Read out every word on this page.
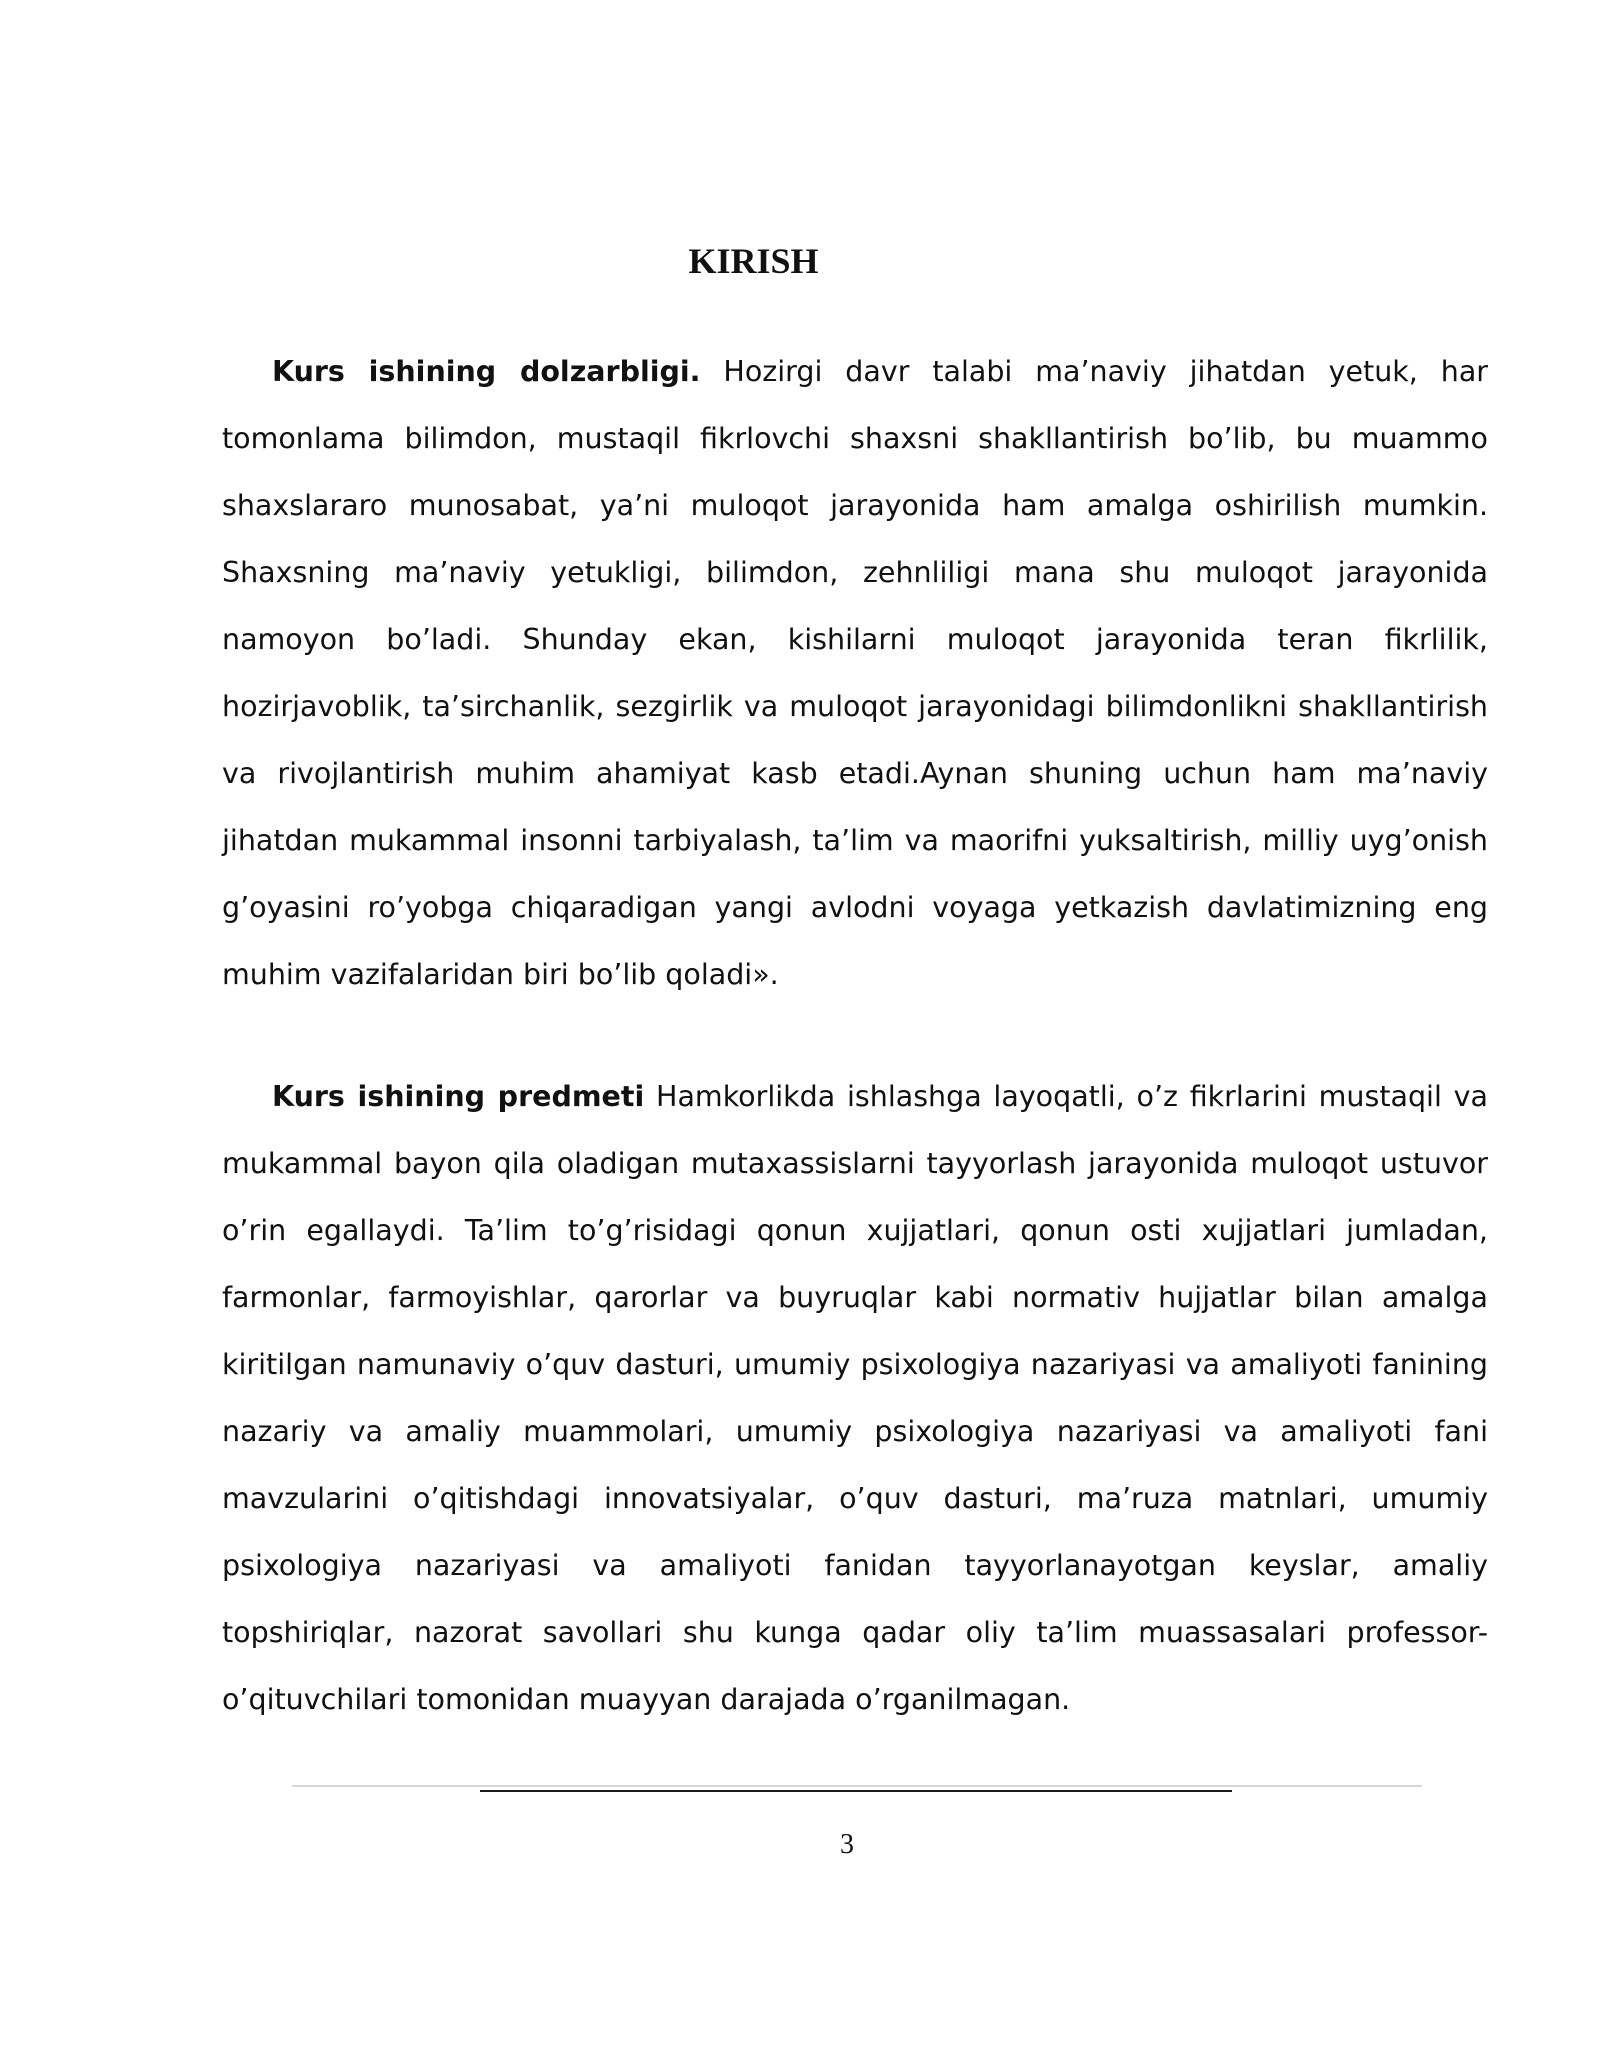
KIRISH

Kurs ishining dolzarbligi. Hozirgi davr talabi ma’naviy jihatdan yetuk, har tomonlama bilimdon, mustaqil fikrlovchi shaxsni shakllantirish bo’lib, bu muammo shaxslararo munosabat, ya’ni muloqot jarayonida ham amalga oshirilish mumkin. Shaxsning ma’naviy yetukligi, bilimdon, zehnliligi mana shu muloqot jarayonida namoyon bo’ladi. Shunday ekan, kishilarni muloqot jarayonida teran fikrlilik, hozirjavoblik, ta’sirchanlik, sezgirlik va muloqot jarayonidagi bilimdonlikni shakllantirish va rivojlantirish muhim ahamiyat kasb etadi.Aynan shuning uchun ham ma’naviy jihatdan mukammal insonni tarbiyalash, ta’lim va maorifni yuksaltirish, milliy uyg’onish g’oyasini ro’yobga chiqaradigan yangi avlodni voyaga yetkazish davlatimizning eng muhim vazifalaridan biri bo’lib qoladi».

Kurs ishining predmeti Hamkorlikda ishlashga layoqatli, o’z fikrlarini mustaqil va mukammal bayon qila oladigan mutaxassislarni tayyorlash jarayonida muloqot ustuvor o’rin egallaydi. Ta’lim to’g’risidagi qonun xujjatlari, qonun osti xujjatlari jumladan, farmonlar, farmoyishlar, qarorlar va buyruqlar kabi normativ hujjatlar bilan amalga kiritilgan namunaviy o’quv dasturi, umumiy psixologiya nazariyasi va amaliyoti fanining nazariy va amaliy muammolari, umumiy psixologiya nazariyasi va amaliyoti fani mavzularini o’qitishdagi innovatsiyalar, o’quv dasturi, ma’ruza matnlari, umumiy psixologiya nazariyasi va amaliyoti fanidan tayyorlanayotgan keyslar, amaliy topshiriqlar, nazorat savollari shu kunga qadar oliy ta’lim muassasalari professor-o’qituvchilari tomonidan muayyan darajada o’rganilmagan.

3
